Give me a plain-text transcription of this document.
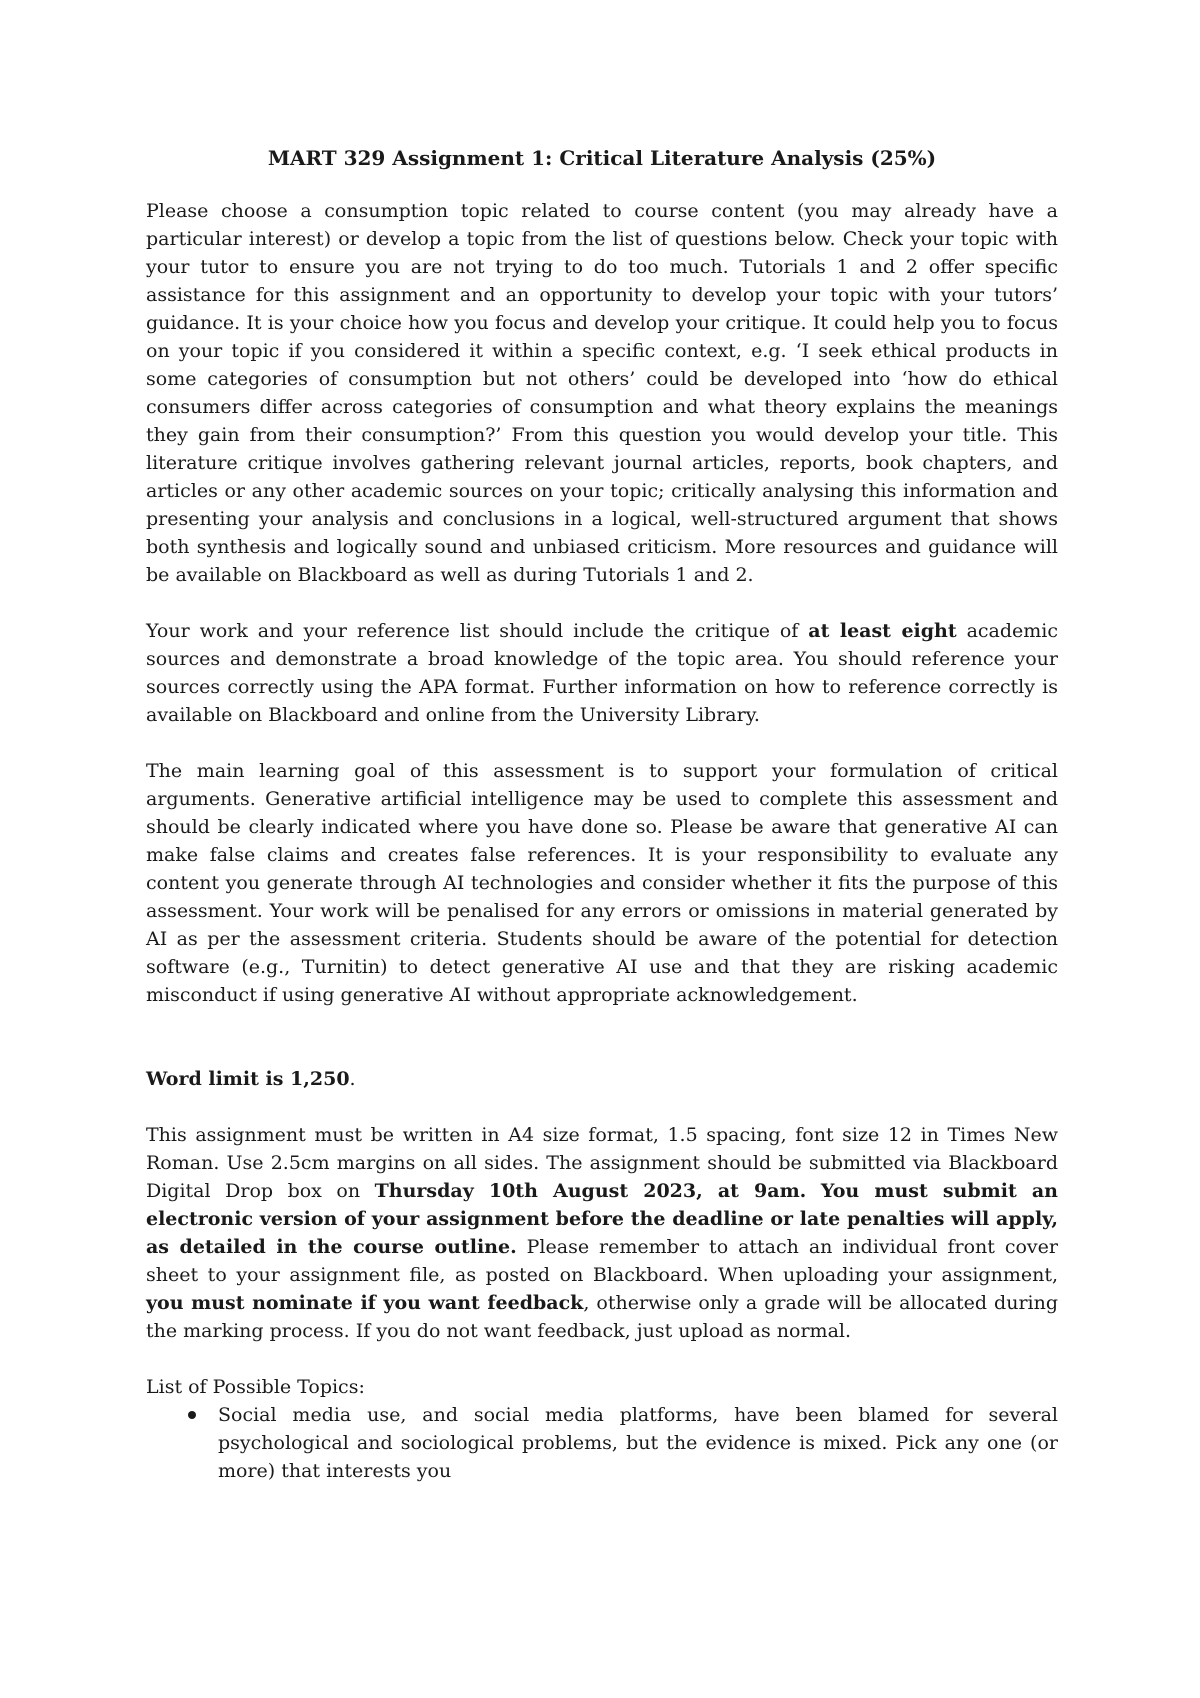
MART 329 Assignment 1: Critical Literature Analysis (25%)

Please choose a consumption topic related to course content (you may already have a particular interest) or develop a topic from the list of questions below. Check your topic with your tutor to ensure you are not trying to do too much. Tutorials 1 and 2 offer specific assistance for this assignment and an opportunity to develop your topic with your tutors’ guidance. It is your choice how you focus and develop your critique. It could help you to focus on your topic if you considered it within a specific context, e.g. ‘I seek ethical products in some categories of consumption but not others’ could be developed into ‘how do ethical consumers differ across categories of consumption and what theory explains the meanings they gain from their consumption?’ From this question you would develop your title. This literature critique involves gathering relevant journal articles, reports, book chapters, and articles or any other academic sources on your topic; critically analysing this information and presenting your analysis and conclusions in a logical, well-structured argument that shows both synthesis and logically sound and unbiased criticism. More resources and guidance will be available on Blackboard as well as during Tutorials 1 and 2.

Your work and your reference list should include the critique of at least eight academic sources and demonstrate a broad knowledge of the topic area. You should reference your sources correctly using the APA format. Further information on how to reference correctly is available on Blackboard and online from the University Library.

The main learning goal of this assessment is to support your formulation of critical arguments. Generative artificial intelligence may be used to complete this assessment and should be clearly indicated where you have done so. Please be aware that generative AI can make false claims and creates false references. It is your responsibility to evaluate any content you generate through AI technologies and consider whether it fits the purpose of this assessment. Your work will be penalised for any errors or omissions in material generated by AI as per the assessment criteria. Students should be aware of the potential for detection software (e.g., Turnitin) to detect generative AI use and that they are risking academic misconduct if using generative AI without appropriate acknowledgement.

Word limit is 1,250.

This assignment must be written in A4 size format, 1.5 spacing, font size 12 in Times New Roman. Use 2.5cm margins on all sides. The assignment should be submitted via Blackboard Digital Drop box on Thursday 10th August 2023, at 9am. You must submit an electronic version of your assignment before the deadline or late penalties will apply, as detailed in the course outline. Please remember to attach an individual front cover sheet to your assignment file, as posted on Blackboard. When uploading your assignment, you must nominate if you want feedback, otherwise only a grade will be allocated during the marking process. If you do not want feedback, just upload as normal.

List of Possible Topics:

Social media use, and social media platforms, have been blamed for several psychological and sociological problems, but the evidence is mixed. Pick any one (or more) that interests you
